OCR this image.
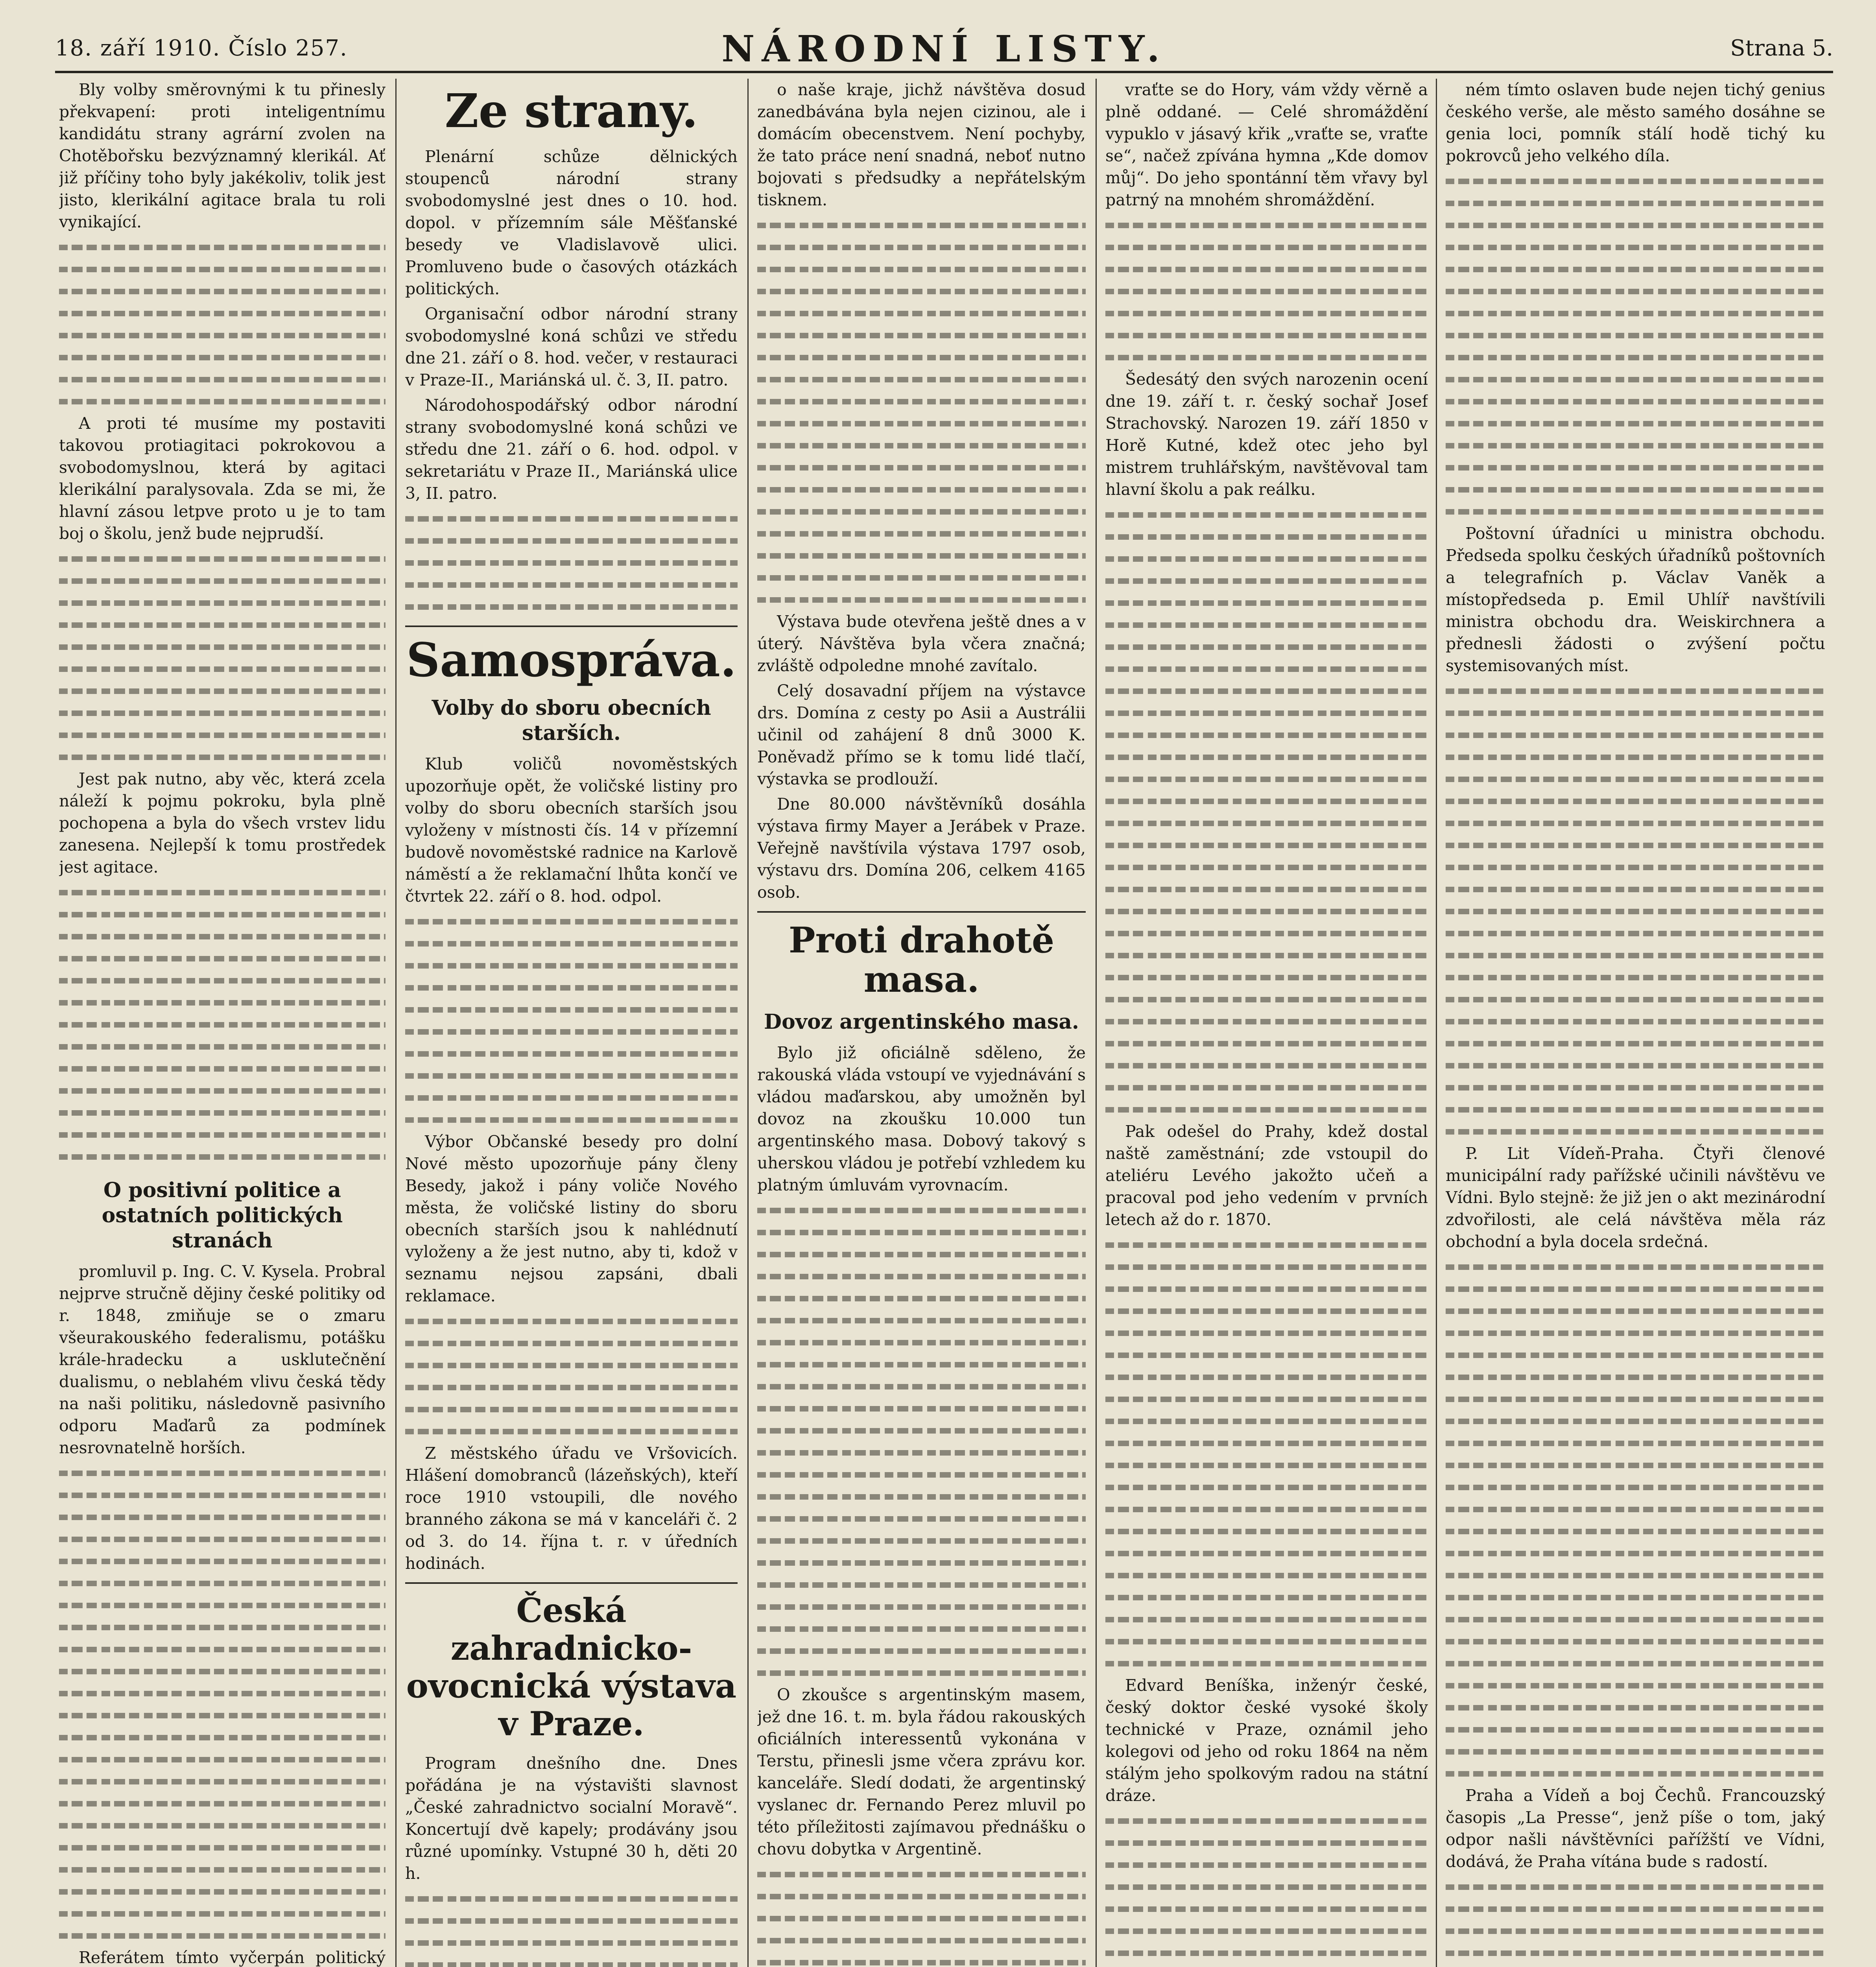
18. září 1910. Číslo 257.	NÁRODNÍ LISTY.	Strana 5.

Bly volby směrovnými k tu přinesly překvapení: proti inteligentnímu kandidátu strany agrární zvolen na Chotěbořsku bezvýznamný klerikál. Ať již příčiny toho byly jakékoliv, tolik jest jisto, klerikální agitace brala tu roli vynikající.

A proti té musíme my postaviti takovou protiagitaci pokrokovou a svobodomyslnou, která by agitaci klerikální paralysovala. Zda se mi, že hlavní zásou letpve proto u je to tam boj o školu, jenž bude nejprudší.

Jest pak nutno, aby věc, která zcela náleží k pojmu pokroku, byla plně pochopena a byla do všech vrstev lidu zanesena. Nejlepší k tomu prostředek jest agitace.

O positivní politice a ostatních politických stranách

promluvil p. Ing. C. V. Kysela. Probral nejprve stručně dějiny české politiky od r. 1848, zmiňuje se o zmaru všeurakouského federalismu, potášku krále-hradecku a usklutečnění dualismu, o neblahém vlivu česká tědy na naši politiku, následovně pasivního odporu Maďarů za podmínek nesrovnatelně horších.

Referátem tímto vyčerpán politický

Ze strany.

Plenární schůze dělnických stoupenců národní strany svobodomyslné jest dnes o 10. hod. dopol. v přízemním sále Měšťanské besedy ve Vladislavově ulici. Promluveno bude o časových otázkách politických.

Organisační odbor národní strany svobodomyslné koná schůzi ve středu dne 21. září o 8. hod. večer, v restauraci v Praze-II., Mariánská ul. č. 3, II. patro.

Národohospodářský odbor národní strany svobodomyslné koná schůzi ve středu dne 21. září o 6. hod. odpol. v sekretariátu v Praze II., Mariánská ulice 3, II. patro.

Samospráva.
Volby do sboru obecních starších.

Klub voličů novoměstských upozorňuje opět, že voličské listiny pro volby do sboru obecních starších jsou vyloženy v místnosti čís. 14 v přízemní budově novoměstské radnice na Karlově náměstí a že reklamační lhůta končí ve čtvrtek 22. září o 8. hod. odpol.

Výbor Občanské besedy pro dolní Nové město upozorňuje pány členy Besedy, jakož i pány voliče Nového města, že voličské listiny do sboru obecních starších jsou k nahlédnutí vyloženy a že jest nutno, aby ti, kdož v seznamu nejsou zapsáni, dbali reklamace.

Z městského úřadu ve Vršovicích. Hlášení domobranců (lázeňských), kteří roce 1910 vstoupili, dle nového branného zákona se má v kanceláři č. 2 od 3. do 14. října t. r. v úředních hodinách.

Česká zahradnicko-ovocnická výstava v Praze.

Program dnešního dne. Dnes pořádána je na výstavišti slavnost „České zahradnictvo socialní Moravě“. Koncertují dvě kapely; prodávány jsou různé upomínky. Vstupné 30 h, děti 20 h.

o naše kraje, jichž návštěva dosud zanedbávána byla nejen cizinou, ale i domácím obecenstvem. Není pochyby, že tato práce není snadná, neboť nutno bojovati s předsudky a nepřátelským tisknem.

Výstava bude otevřena ještě dnes a v úterý. Návštěva byla včera značná; zvláště odpoledne mnohé zavítalo.

Celý dosavadní příjem na výstavce drs. Domína z cesty po Asii a Austrálii učinil od zahájení 8 dnů 3000 K. Poněvadž přímo se k tomu lidé tlačí, výstavka se prodlouží.

Dne 80.000 návštěvníků dosáhla výstava firmy Mayer a Jerábek v Praze. Veřejně navštívila výstava 1797 osob, výstavu drs. Domína 206, celkem 4165 osob.

Proti drahotě masa.
Dovoz argentinského masa.

Bylo již oficiálně sděleno, že rakouská vláda vstoupí ve vyjednávání s vládou maďarskou, aby umožněn byl dovoz na zkoušku 10.000 tun argentinského masa. Dobový takový s uherskou vládou je potřebí vzhledem ku platným úmluvám vyrovnacím.

O zkoušce s argentinským masem, jež dne 16. t. m. byla řádou rakouských oficiálních interessentů vykonána v Terstu, přinesli jsme včera zprávu kor. kanceláře. Sledí dodati, že argentinský vyslanec dr. Fernando Perez mluvil po této příležitosti zajímavou přednášku o chovu dobytka v Argentině.

vraťte se do Hory, vám vždy věrně a plně oddané. — Celé shromáždění vypuklo v jásavý křik „vraťte se, vraťte se“, načež zpívána hymna „Kde domov můj“. Do jeho spontánní těm vřavy byl patrný na mnohém shromáždění.

Šedesátý den svých narozenin ocení dne 19. září t. r. český sochař Josef Strachovský. Narozen 19. září 1850 v Horě Kutné, kdež otec jeho byl mistrem truhlářským, navštěvoval tam hlavní školu a pak reálku.

Pak odešel do Prahy, kdež dostal naště zaměstnání; zde vstoupil do ateliéru Levého jakožto učeň a pracoval pod jeho vedením v prvních letech až do r. 1870.

Edvard Beníška, inženýr české, český doktor české vysoké školy technické v Praze, oznámil jeho kolegovi od jeho od roku 1864 na něm stálým jeho spolkovým radou na státní dráze.

ném tímto oslaven bude nejen tichý genius českého verše, ale město samého dosáhne se genia loci, pomník stálí hodě tichý ku pokrovců jeho velkého díla.

Poštovní úřadníci u ministra obchodu. Předseda spolku českých úřadníků poštovních a telegrafních p. Václav Vaněk a místopředseda p. Emil Uhlíř navštívili ministra obchodu dra. Weiskirchnera a přednesli žádosti o zvýšení počtu systemisovaných míst.

P. Lit Vídeň-Praha. Čtyři členové municipální rady pařížské učinili návštěvu ve Vídni. Bylo stejně: že již jen o akt mezinárodní zdvořilosti, ale celá návštěva měla ráz obchodní a byla docela srdečná.

Praha a Vídeň a boj Čechů. Francouzský časopis „La Presse“, jenž píše o tom, jaký odpor našli návštěvníci pařížští ve Vídni, dodává, že Praha vítána bude s radostí.
